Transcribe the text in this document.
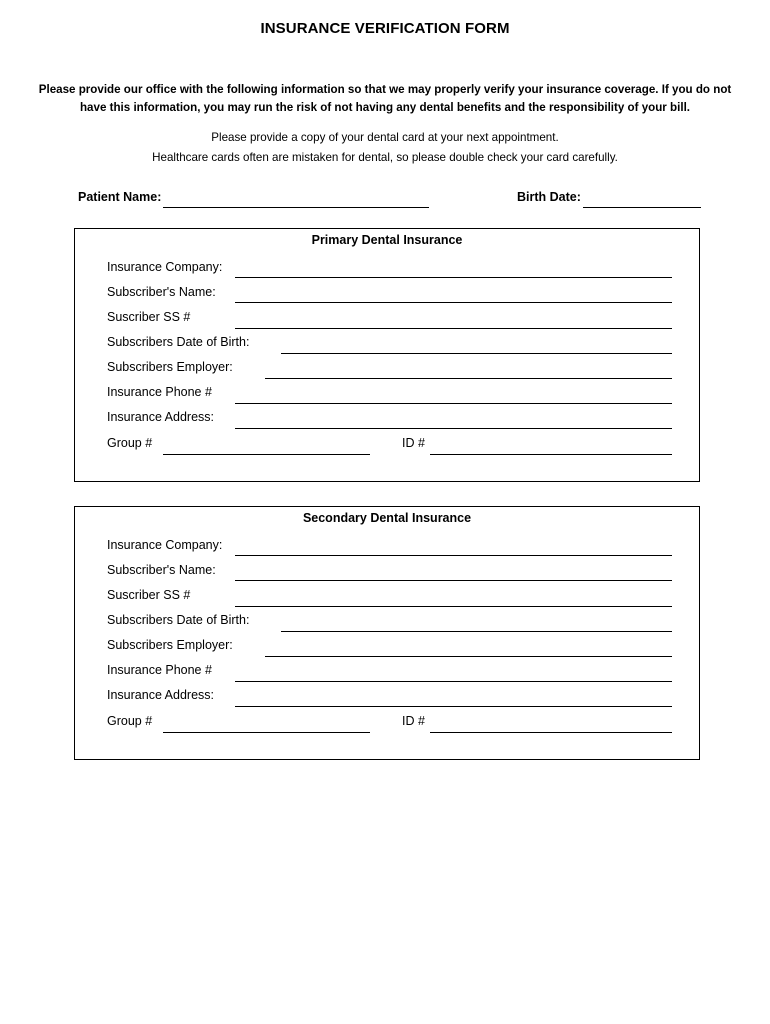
INSURANCE VERIFICATION FORM
Please provide our office with the following information so that we may properly verify your insurance coverage. If you do not
have this information, you may run the risk of not having any dental benefits and the responsibility of your bill.
Please provide a copy of your dental card at your next appointment.
Healthcare cards often are mistaken for dental, so please double check your card carefully.
Patient Name:	Birth Date:
Primary Dental Insurance
Insurance Company:
Subscriber's Name:
Suscriber SS #
Subscribers Date of Birth:
Subscribers Employer:
Insurance Phone #
Insurance Address:
Group #	ID #
Secondary Dental Insurance
Insurance Company:
Subscriber's Name:
Suscriber SS #
Subscribers Date of Birth:
Subscribers Employer:
Insurance Phone #
Insurance Address:
Group #	ID #
